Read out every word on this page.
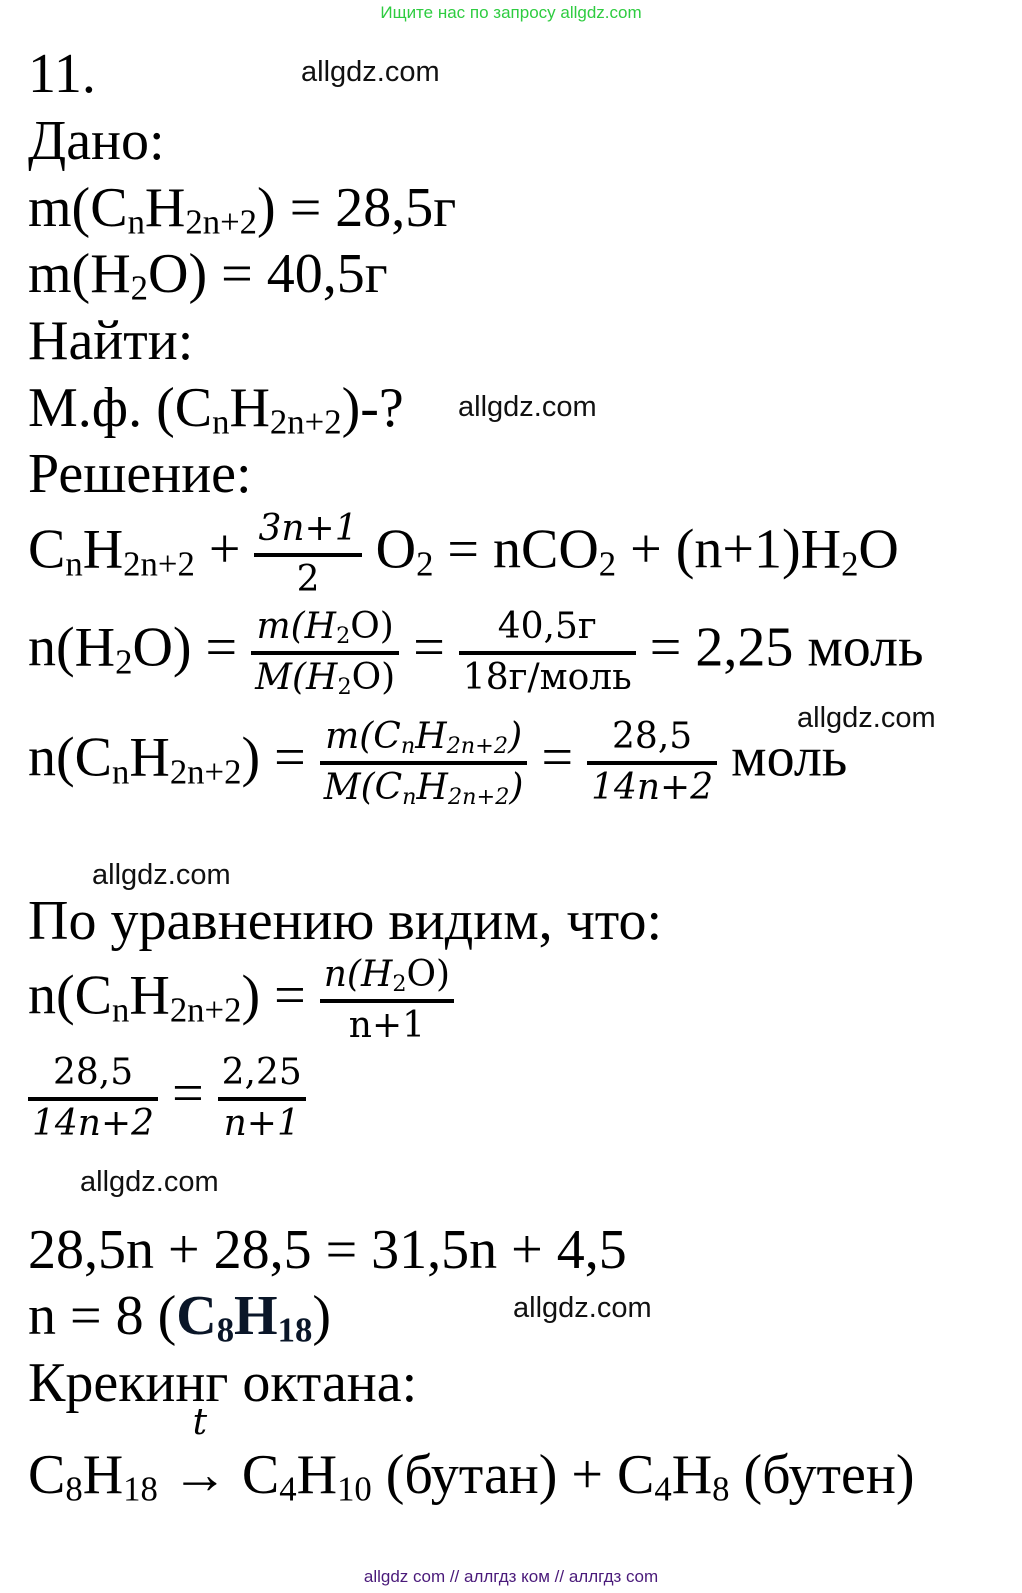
Ищите нас по запросу allgdz.com
11.	allgdz.com
Дано:
$m(C_nH_{2n+2}) = 28,5г$
$m(H_2O) = 40,5г$
Найти:
М.ф. $(C_nH_{2n+2})-$? allgdz.com
Решение:
$C_nH_{2n+2} + \frac{3n+1}{2} O_2 = nCO_2 + (n+1)H_2O$
$n(H_2O) = \frac{m(H_2O)}{M(H_2O)} = \frac{40,5г}{\text{18г/моль}} = 2,25$ моль
allgdz.com
$n(C_nH_{2n+2}) = \frac{m(C_nH_{2n+2})}{M(C_nH_{2n+2})} = \frac{28,5}{14n+2}$ моль
allgdz.com
По уравнению видим, что:
$n(C_nH_{2n+2}) = \frac{n(H_2O)}{n+1}$
$\frac{28,5}{14n+2} = \frac{2,25}{n+1}$
allgdz.com
28,5n + 28,5 = 31,5n + 4,5
n = 8 $(C_8H_{18})$	allgdz.com
Крекинг октана:
$C_8H_{18}$
t
→ $C_4H_{10}$ (бутан) + $C_4H_8$ (бутен)
allgdz com // аллгдз ком // аллгдз com
